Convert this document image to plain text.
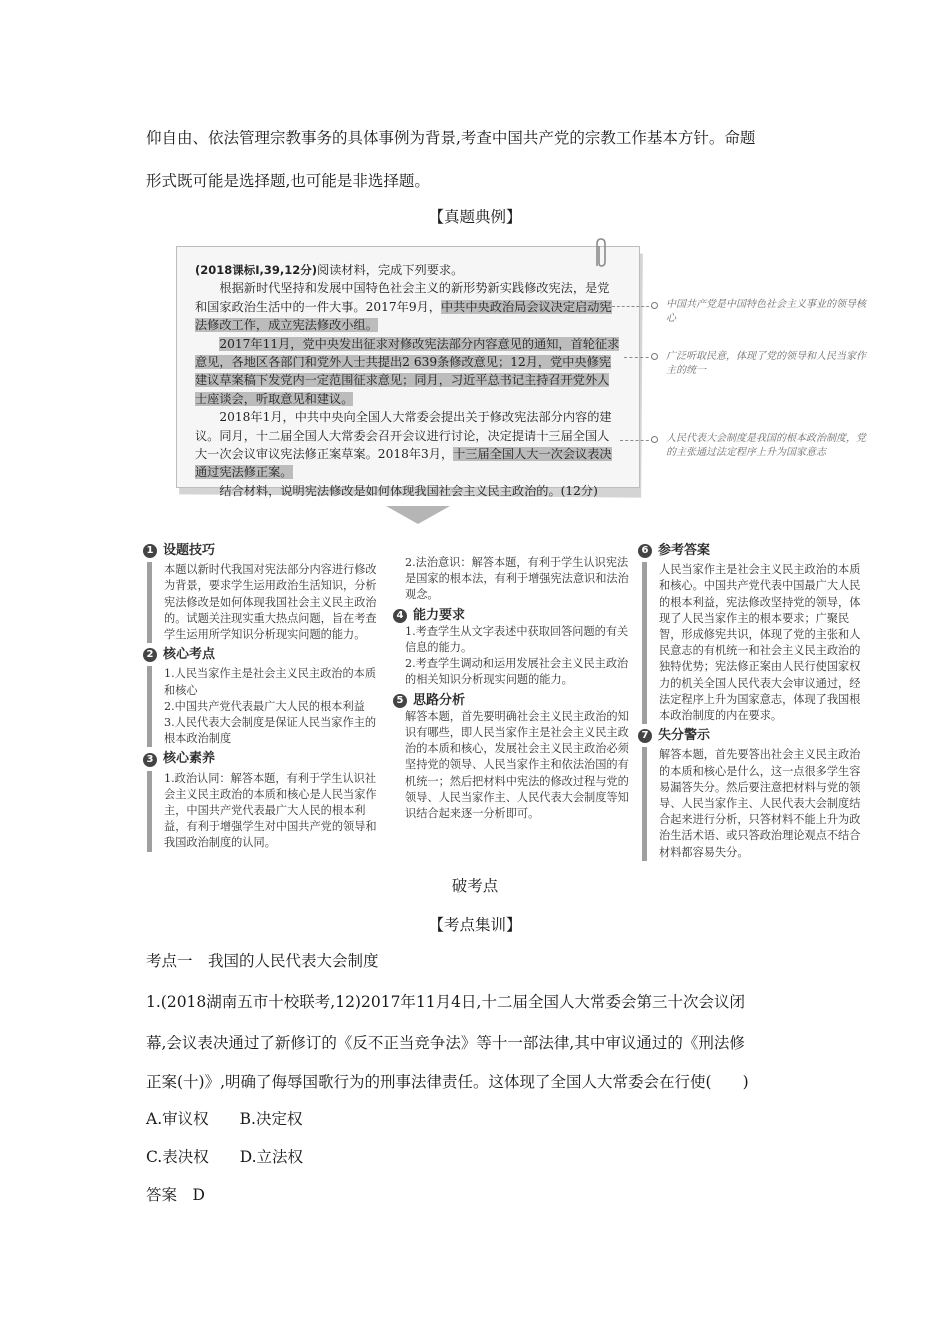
仰自由、依法管理宗教事务的具体事例为背景,考查中国共产党的宗教工作基本方针。命题

形式既可能是选择题,也可能是非选择题。

【真题典例】

(2018课标Ⅰ,39,12分)阅读材料，完成下列要求。

根据新时代坚持和发展中国特色社会主义的新形势新实践修改宪法，是党和国家政治生活中的一件大事。2017年9月，中共中央政治局会议决定启动宪法修改工作，成立宪法修改小组。

2017年11月，党中央发出征求对修改宪法部分内容意见的通知，首轮征求意见，各地区各部门和党外人士共提出2 639条修改意见；12月，党中央修宪建议草案稿下发党内一定范围征求意见；同月，习近平总书记主持召开党外人士座谈会，听取意见和建议。

2018年1月，中共中央向全国人大常委会提出关于修改宪法部分内容的建议。同月，十二届全国人大常委会召开会议进行讨论，决定提请十三届全国人大一次会议审议宪法修正案草案。2018年3月，十三届全国人大一次会议表决通过宪法修正案。

结合材料，说明宪法修改是如何体现我国社会主义民主政治的。(12分)

中国共产党是中国特色社会主义事业的领导核心
广泛听取民意，体现了党的领导和人民当家作主的统一
人民代表大会制度是我国的根本政治制度，党的主张通过法定程序上升为国家意志
1 设题技巧

本题以新时代我国对宪法部分内容进行修改为背景，要求学生运用政治生活知识，分析宪法修改是如何体现我国社会主义民主政治的。试题关注现实重大热点问题，旨在考查学生运用所学知识分析现实问题的能力。

2 核心考点

1.人民当家作主是社会主义民主政治的本质和核心

2.中国共产党代表最广大人民的根本利益

3.人民代表大会制度是保证人民当家作主的根本政治制度

3 核心素养

1.政治认同：解答本题，有利于学生认识社会主义民主政治的本质和核心是人民当家作主，中国共产党代表最广大人民的根本利益，有利于增强学生对中国共产党的领导和我国政治制度的认同。

2.法治意识：解答本题，有利于学生认识宪法是国家的根本法，有利于增强宪法意识和法治观念。

4 能力要求

1.考查学生从文字表述中获取回答问题的有关信息的能力。

2.考查学生调动和运用发展社会主义民主政治的相关知识分析现实问题的能力。

5 思路分析

解答本题，首先要明确社会主义民主政治的知识有哪些，即人民当家作主是社会主义民主政治的本质和核心，发展社会主义民主政治必须坚持党的领导、人民当家作主和依法治国的有机统一；然后把材料中宪法的修改过程与党的领导、人民当家作主、人民代表大会制度等知识结合起来逐一分析即可。

6 参考答案

人民当家作主是社会主义民主政治的本质和核心。中国共产党代表中国最广大人民的根本利益，宪法修改坚持党的领导，体现了人民当家作主的根本要求；广聚民智，形成修宪共识，体现了党的主张和人民意志的有机统一和社会主义民主政治的独特优势；宪法修正案由人民行使国家权力的机关全国人民代表大会审议通过，经法定程序上升为国家意志，体现了我国根本政治制度的内在要求。

7 失分警示

解答本题，首先要答出社会主义民主政治的本质和核心是什么，这一点很多学生容易漏答失分。然后要注意把材料与党的领导、人民当家作主、人民代表大会制度结合起来进行分析，只答材料不能上升为政治生活术语、或只答政治理论观点不结合材料都容易失分。

破考点
【考点集训】

考点一　我国的人民代表大会制度

1.(2018湖南五市十校联考,12)2017年11月4日,十二届全国人大常委会第三十次会议闭

幕,会议表决通过了新修订的《反不正当竞争法》等十一部法律,其中审议通过的《刑法修

正案(十)》,明确了侮辱国歌行为的刑事法律责任。这体现了全国人大常委会在行使(　　)

A.审议权　　 B.决定权

C.表决权　　 D.立法权

答案　D
